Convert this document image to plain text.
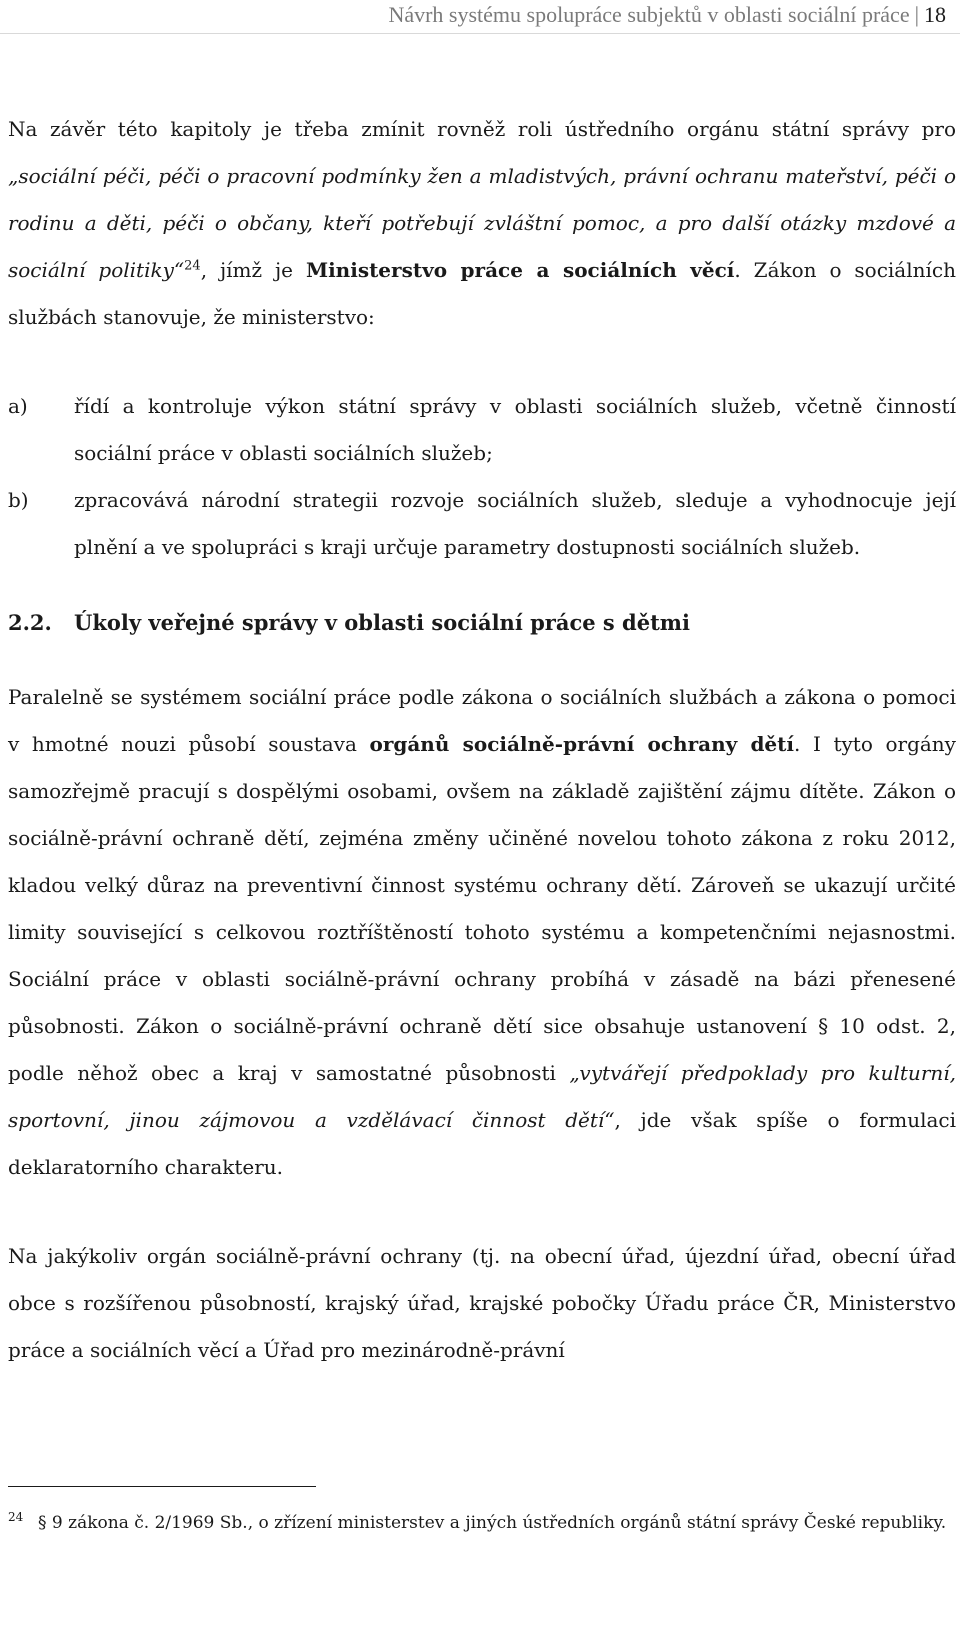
Návrh systému spolupráce subjektů v oblasti sociální práce | 18

Na závěr této kapitoly je třeba zmínit rovněž roli ústředního orgánu státní správy pro „sociální péči, péči o pracovní podmínky žen a mladistvých, právní ochranu mateřství, péči o rodinu a děti, péči o občany, kteří potřebují zvláštní pomoc, a pro další otázky mzdové a sociální politiky“$^{24}$, jímž je Ministerstvo práce a sociálních věcí. Zákon o sociálních službách stanovuje, že ministerstvo:

a) řídí a kontroluje výkon státní správy v oblasti sociálních služeb, včetně činností sociální práce v oblasti sociálních služeb;
b) zpracovává národní strategii rozvoje sociálních služeb, sleduje a vyhodnocuje její plnění a ve spolupráci s kraji určuje parametry dostupnosti sociálních služeb.
2.2. Úkoly veřejné správy v oblasti sociální práce s dětmi

Paralelně se systémem sociální práce podle zákona o sociálních službách a zákona o pomoci v hmotné nouzi působí soustava orgánů sociálně-právní ochrany dětí. I tyto orgány samozřejmě pracují s dospělými osobami, ovšem na základě zajištění zájmu dítěte. Zákon o sociálně-právní ochraně dětí, zejména změny učiněné novelou tohoto zákona z roku 2012, kladou velký důraz na preventivní činnost systému ochrany dětí. Zároveň se ukazují určité limity související s celkovou roztříštěností tohoto systému a kompetenčními nejasnostmi. Sociální práce v oblasti sociálně-právní ochrany probíhá v zásadě na bázi přenesené působnosti. Zákon o sociálně-právní ochraně dětí sice obsahuje ustanovení § 10 odst. 2, podle něhož obec a kraj v samostatné působnosti „vytvářejí předpoklady pro kulturní, sportovní, jinou zájmovou a vzdělávací činnost dětí“, jde však spíše o formulaci deklaratorního charakteru.

Na jakýkoliv orgán sociálně-právní ochrany (tj. na obecní úřad, újezdní úřad, obecní úřad obce s rozšířenou působností, krajský úřad, krajské pobočky Úřadu práce ČR, Ministerstvo práce a sociálních věcí a Úřad pro mezinárodně-právní

24 § 9 zákona č. 2/1969 Sb., o zřízení ministerstev a jiných ústředních orgánů státní správy České republiky.
